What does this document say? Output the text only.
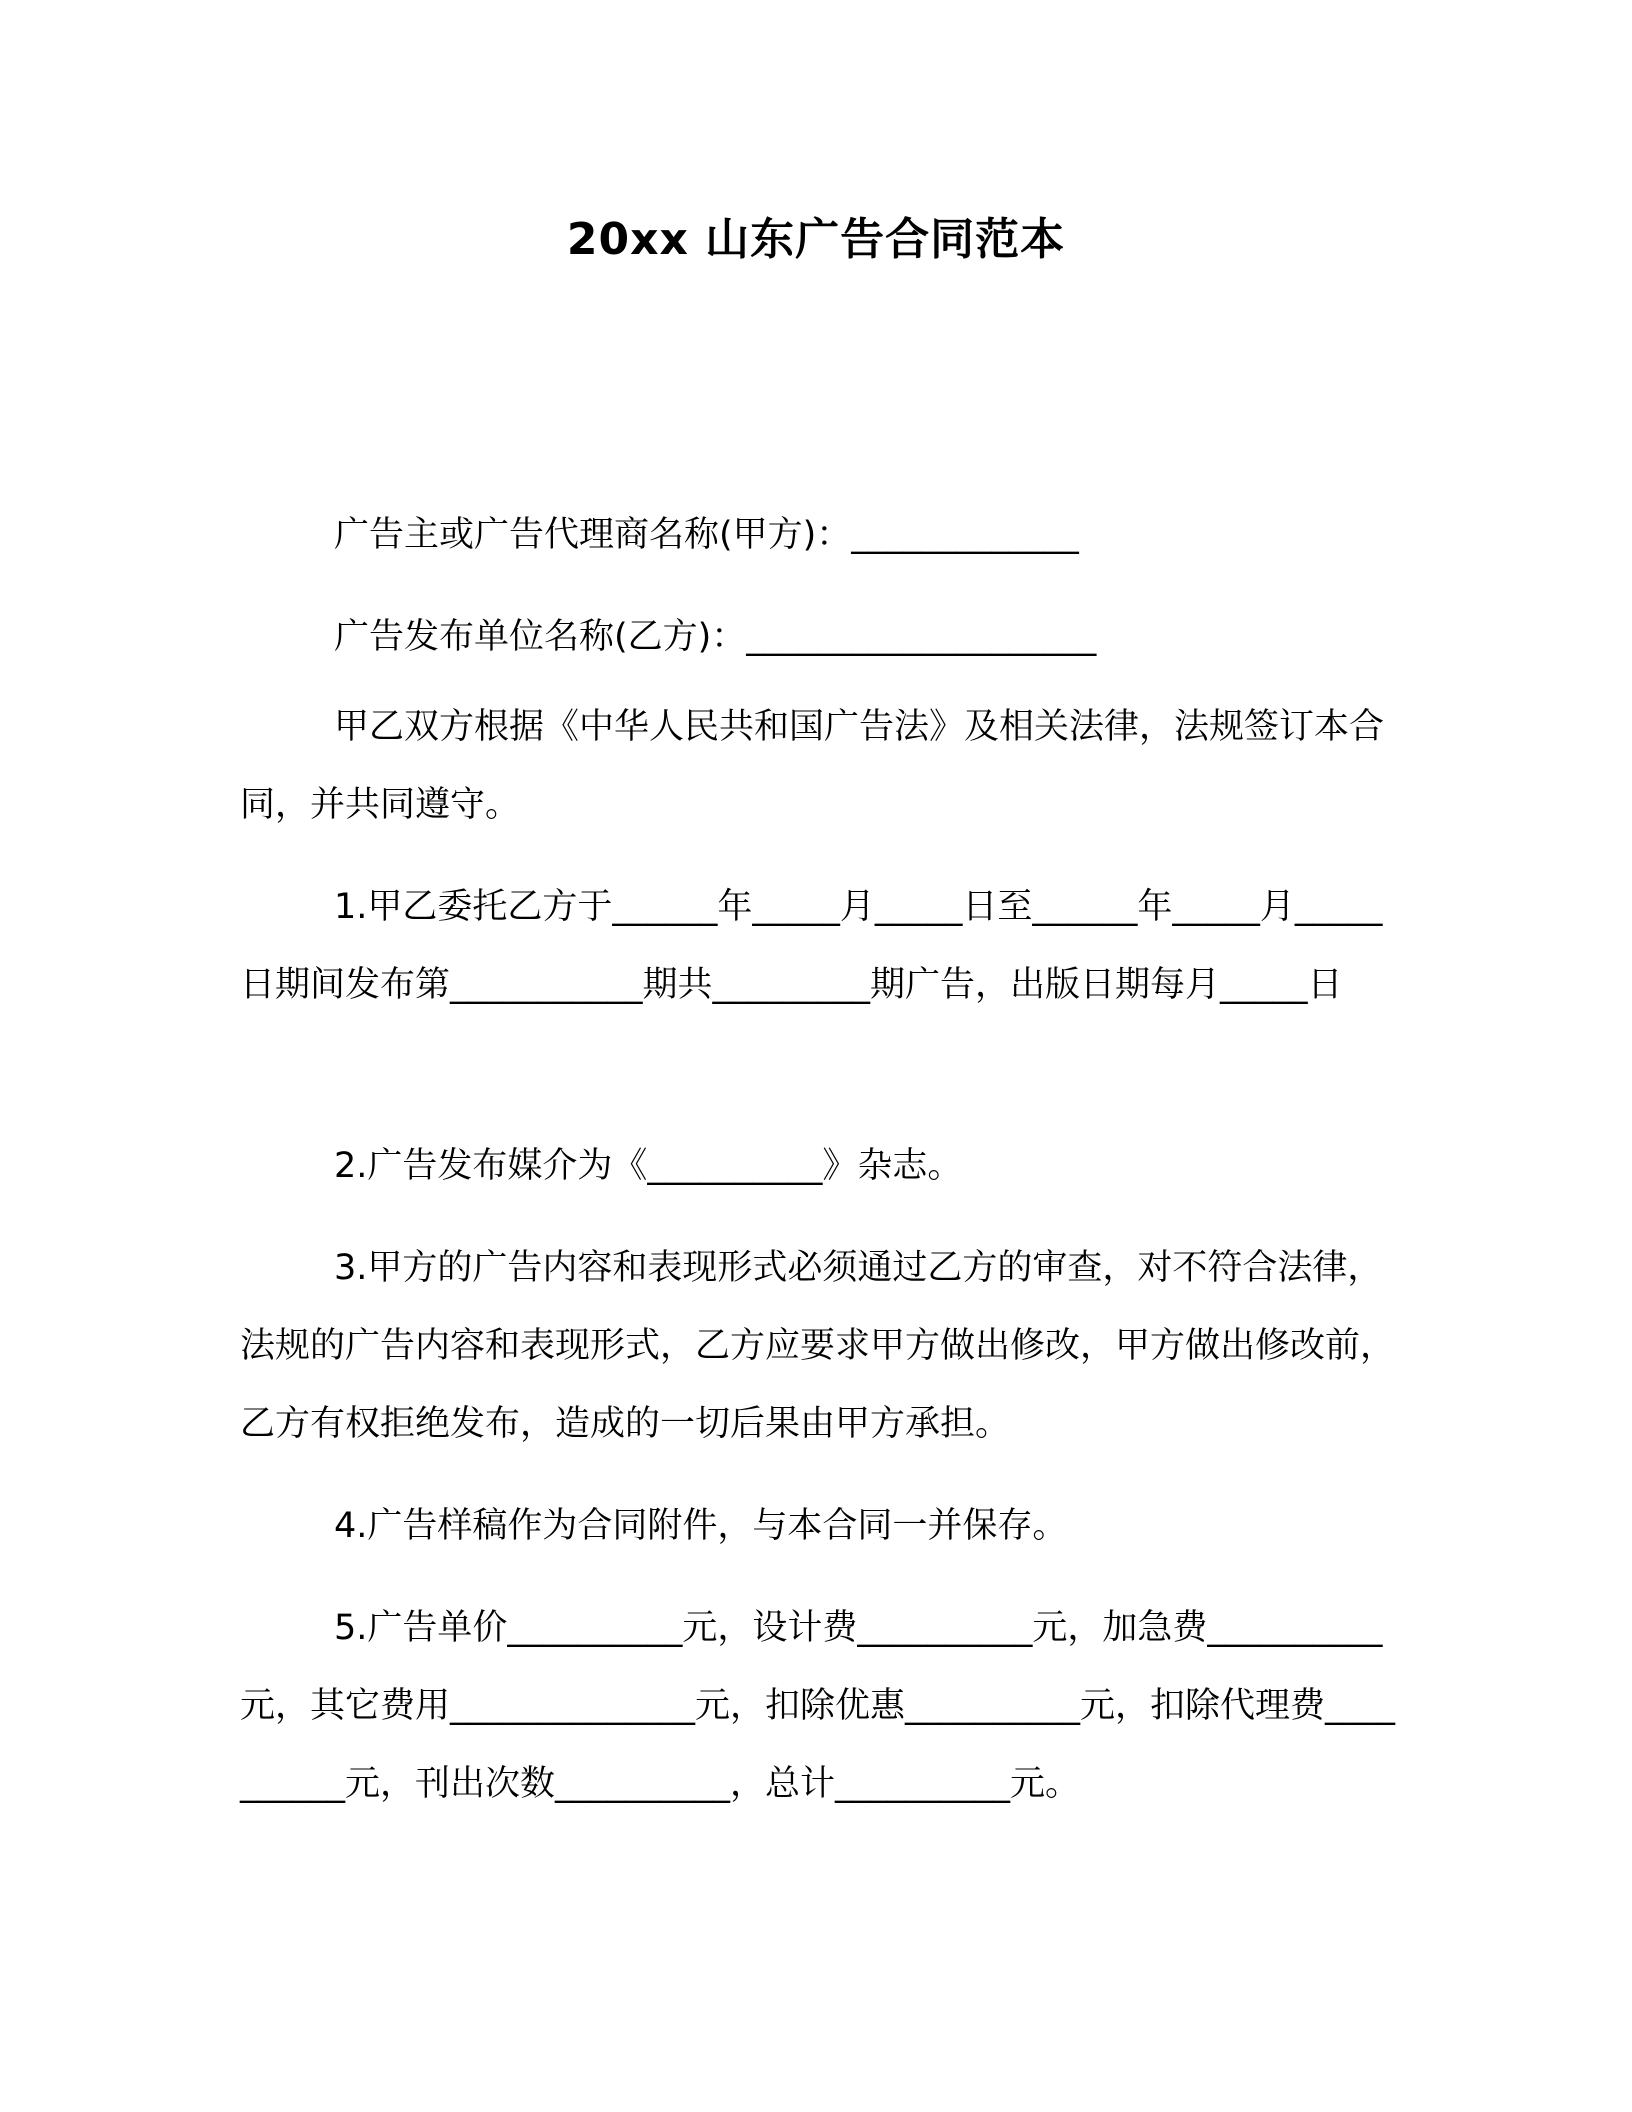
20xx 山东广告合同范本

广告主或广告代理商名称(甲方)：_____________

广告发布单位名称(乙方)：____________________

甲乙双方根据《中华人民共和国广告法》及相关法律，法规签订本合同，并共同遵守。

1.甲乙委托乙方于______年_____月_____日至______年_____月_____日期间发布第___________期共_________期广告，出版日期每月_____日

2.广告发布媒介为《__________》杂志。

3.甲方的广告内容和表现形式必须通过乙方的审查，对不符合法律，法规的广告内容和表现形式，乙方应要求甲方做出修改，甲方做出修改前，乙方有权拒绝发布，造成的一切后果由甲方承担。

4.广告样稿作为合同附件，与本合同一并保存。

5.广告单价__________元，设计费__________元，加急费__________元，其它费用______________元，扣除优惠__________元，扣除代理费__________元，刊出次数__________，总计__________元。
